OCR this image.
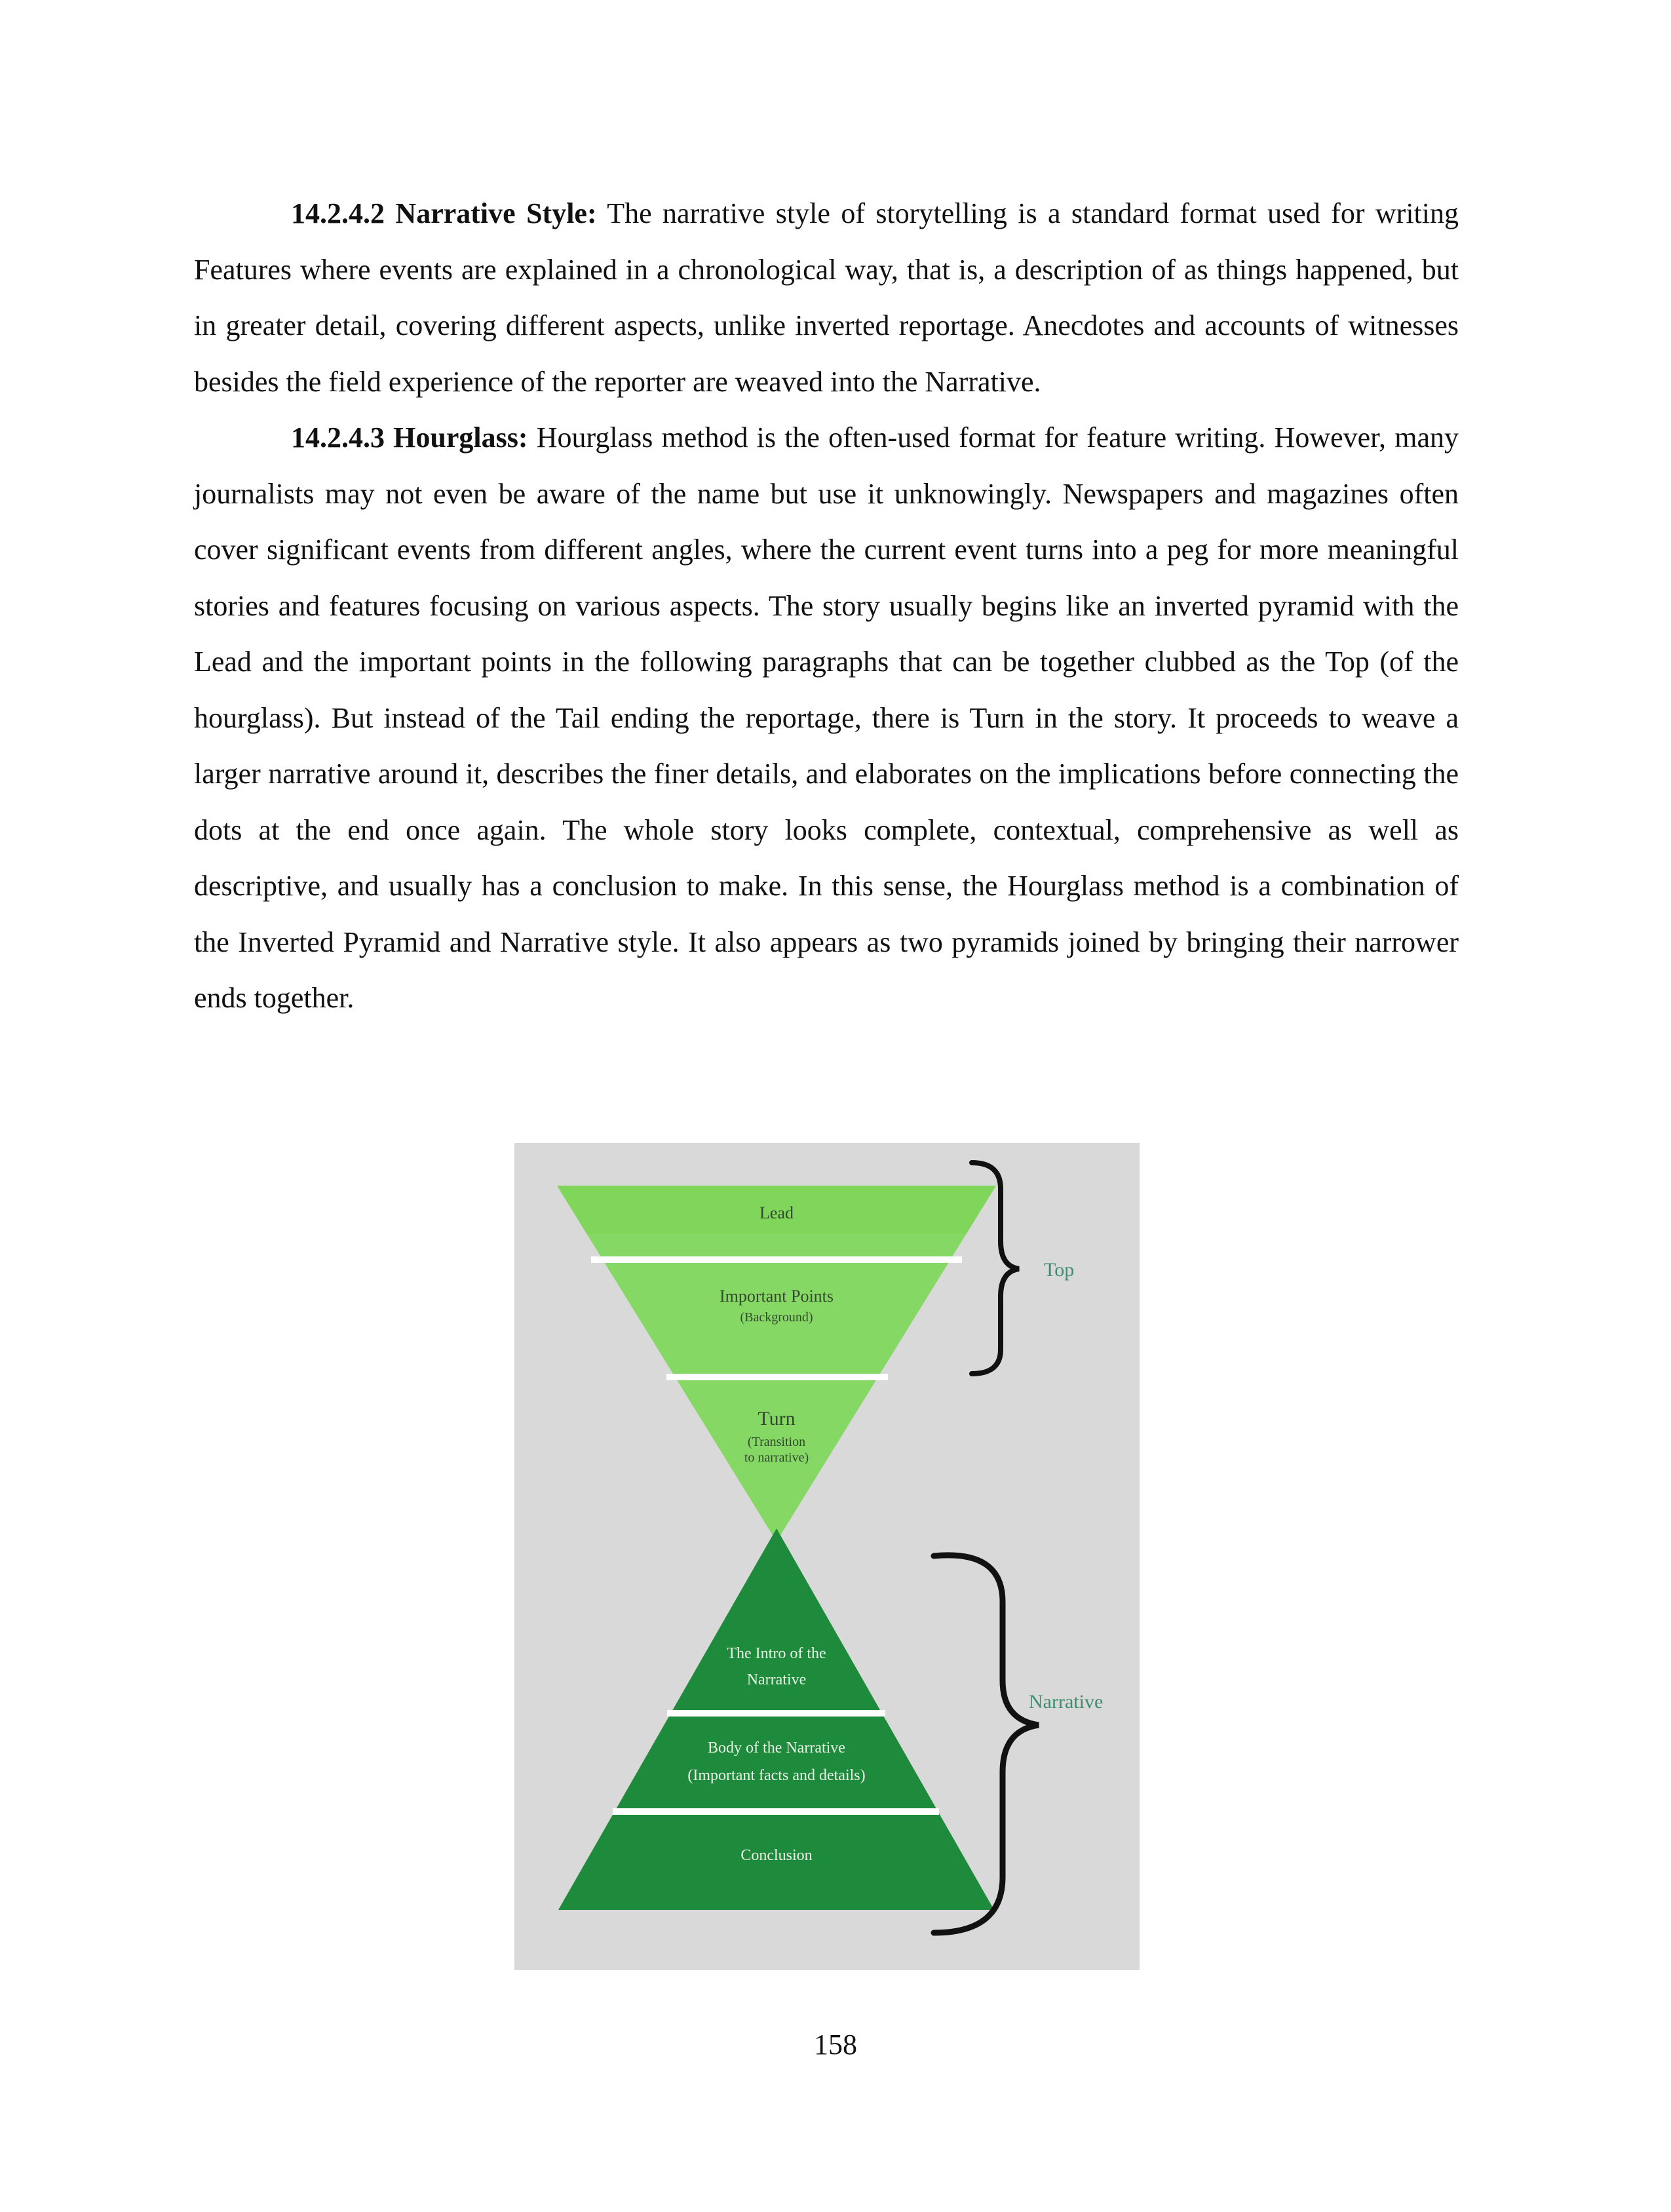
14.2.4.2 Narrative Style: The narrative style of storytelling is a standard format used for writing Features where events are explained in a chronological way, that is, a description of as things happened, but in greater detail, covering different aspects, unlike inverted reportage. Anecdotes and accounts of witnesses besides the field experience of the reporter are weaved into the Narrative.

14.2.4.3 Hourglass: Hourglass method is the often-used format for feature writing. However, many journalists may not even be aware of the name but use it unknowingly. Newspapers and magazines often cover significant events from different angles, where the current event turns into a peg for more meaningful stories and features focusing on various aspects. The story usually begins like an inverted pyramid with the Lead and the important points in the following paragraphs that can be together clubbed as the Top (of the hourglass). But instead of the Tail ending the reportage, there is Turn in the story. It proceeds to weave a larger narrative around it, describes the finer details, and elaborates on the implications before connecting the dots at the end once again. The whole story looks complete, contextual, comprehensive as well as descriptive, and usually has a conclusion to make. In this sense, the Hourglass method is a combination of the Inverted Pyramid and Narrative style. It also appears as two pyramids joined by bringing their narrower ends together.

Lead
Important Points
(Background)
Turn
(Transition
to narrative)
The Intro of the
Narrative
Body of the Narrative
(Important facts and details)
Conclusion
Top
Narrative
158
